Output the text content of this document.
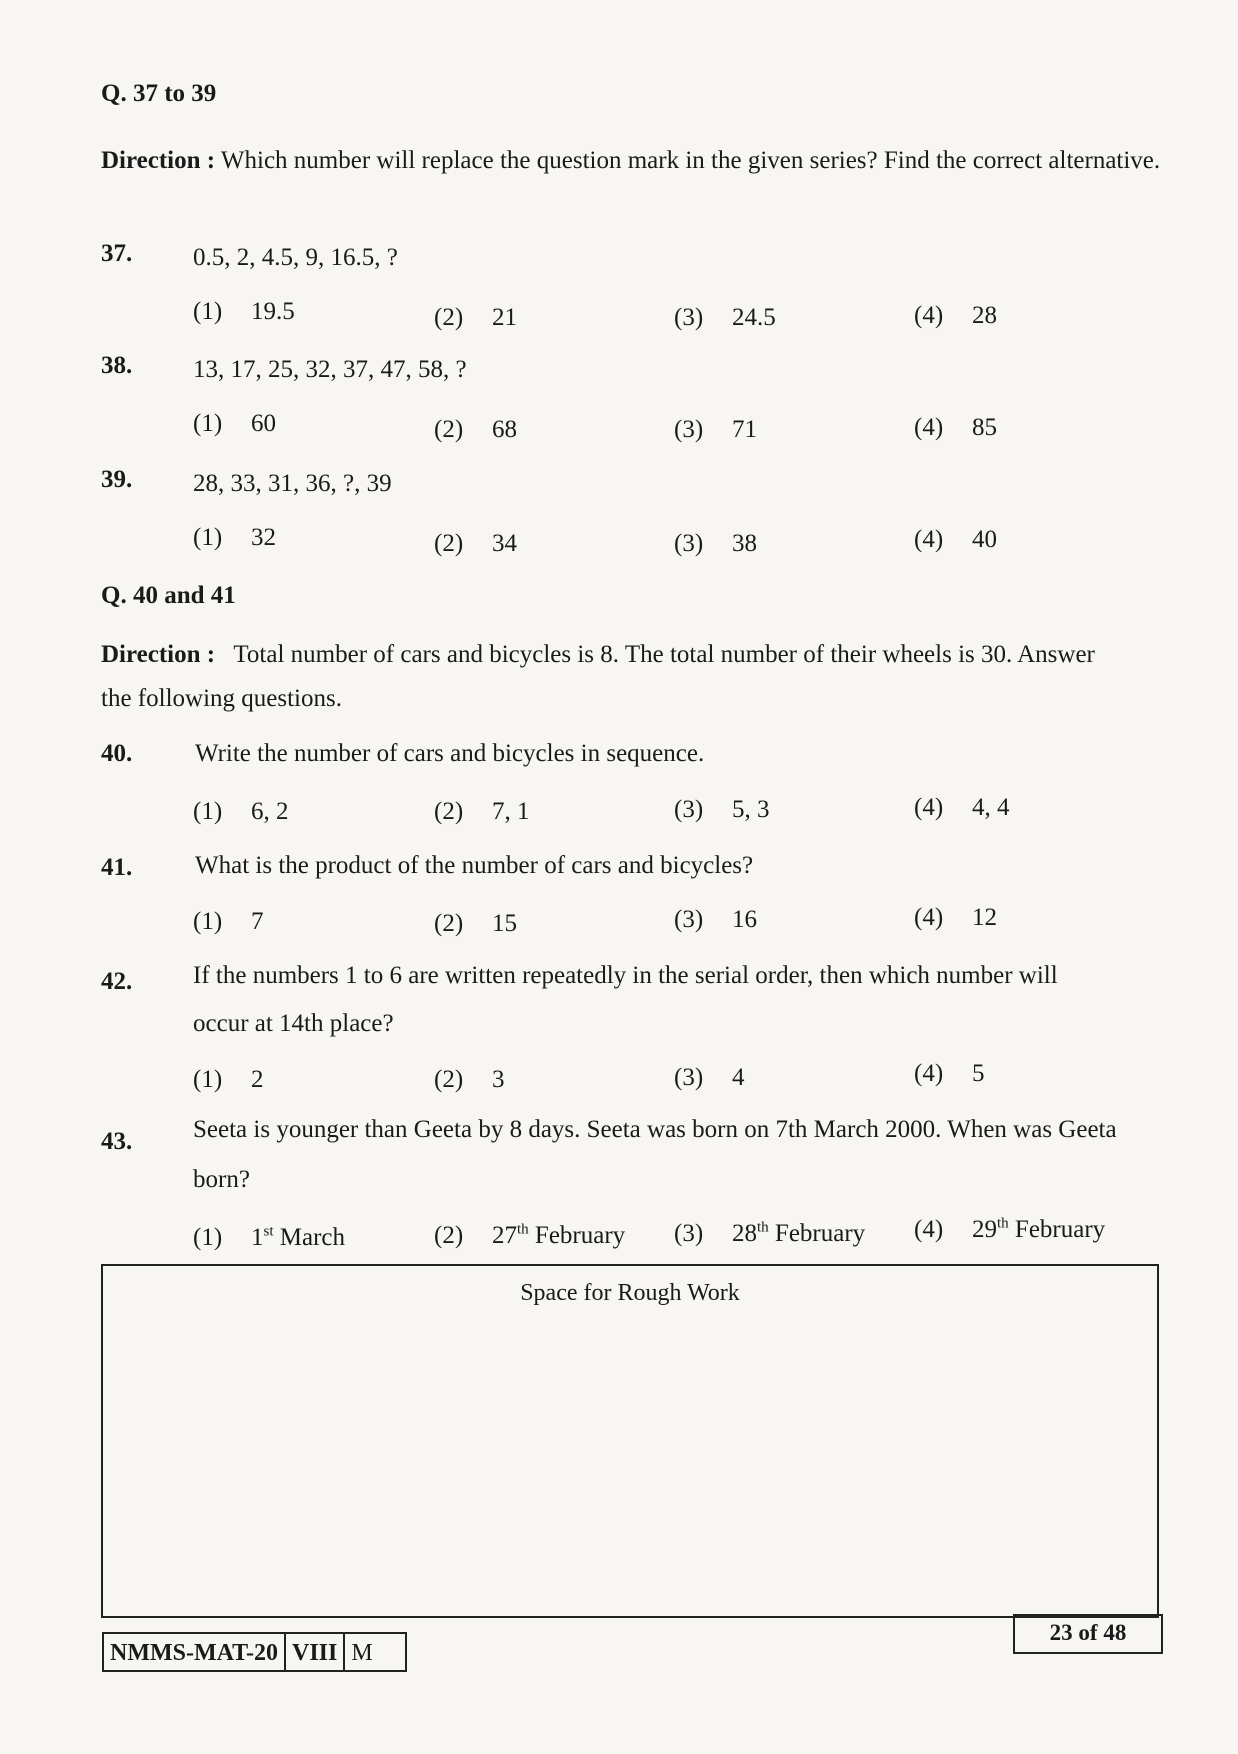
Q. 37 to 39
Direction : Which number will replace the question mark in the given series? Find the correct alternative.
37. 0.5, 2, 4.5, 9, 16.5, ?
(1) 19.5	(2) 21	(3) 24.5	(4) 28
38. 13, 17, 25, 32, 37, 47, 58, ?
(1) 60	(2) 68	(3) 71	(4) 85
39. 28, 33, 31, 36, ?, 39
(1) 32	(2) 34	(3) 38	(4) 40
Q. 40 and 41
Direction : Total number of cars and bicycles is 8. The total number of their wheels is 30. Answer
the following questions.
40.	Write the number of cars and bicycles in sequence.
(1) 6, 2	(2) 7, 1	(3) 5, 3	(4) 4, 4
41.	What is the product of the number of cars and bicycles?
(1) 7	(2) 15	(3) 16	(4) 12
42. If the numbers 1 to 6 are written repeatedly in the serial order, then which number will
occur at 14th place?
(1) 2	(2) 3	(3) 4	(4) 5
43. Seeta is younger than Geeta by 8 days. Seeta was born on 7th March 2000. When was Geeta
born?
(1) 1st March	(2) 27th February (3) 28th February (4) 29th February
Space for Rough Work
NMMS-MAT-20 VIII M
23 of 48
